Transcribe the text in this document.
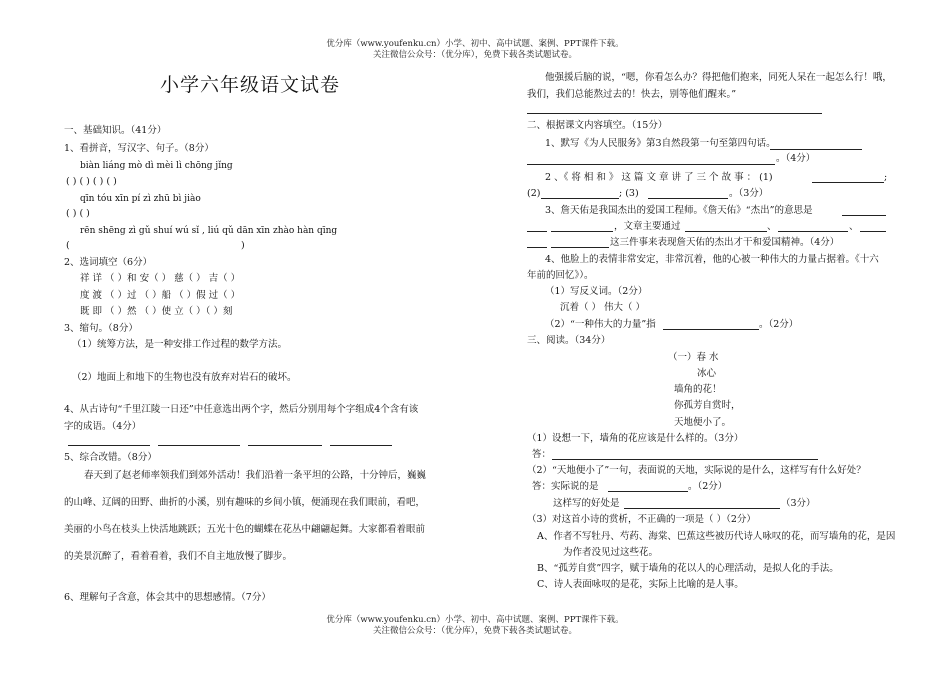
优分库（www.youfenku.cn）小学、初中、高中试题、案例、PPT课件下载。
关注微信公众号：（优分库），免费下载各类试题试卷。
小学六年级语文试卷
一、基础知识。（41分）
1、看拼音，写汉字、句子。（8分）
biàn liáng mò dì mèi lì chōng jǐng
( ) ( ) ( ) ( )
qīn tóu xīn pí zì zhū bì jiào
( ) ( )
rēn shēng zì gǔ shuí wú sǐ , liú qǔ dān xīn zhào hàn qīng
(	)
2、选词填空（6分）
祥 详 （ ）和 安（ ） 慈（ ） 吉（ ）
度 渡 （ ）过 （ ）船 （ ）假 过（ ）
既 即 （ ）然 （ ）使 立（ ）（ ）刻
3、缩句。（8分）
（1）统筹方法，是一种安排工作过程的数学方法。
（2）地面上和地下的生物也没有放弃对岩石的破坏。
4、从古诗句“千里江陵一日还”中任意选出两个字，然后分别用每个字组成4个含有该
字的成语。（4分）
5、综合改错。（8分）
春天到了赵老师率领我们到郊外活动！我们沿着一条平坦的公路，十分钟后，巍巍
的山峰、辽阔的田野、曲折的小溪，别有趣味的乡间小镇，便涌现在我们眼前，看吧，
美丽的小鸟在枝头上快活地跳跃；五光十色的蝴蝶在花丛中翩翩起舞。大家都看着眼前
的美景沉醉了，看着看着，我们不自主地放慢了脚步。
6、理解句子含意，体会其中的思想感情。（7分）
他强援后脑的说，“嗯，你看怎么办？得把他们抱来，同死人呆在一起怎么行！哦，
我们，我们总能熬过去的！快去，别等他们醒来。”
二、根据课文内容填空。（15分）
1、默写《为人民服务》第3自然段第一句至第四句话。
。（4分）
2 、《 将 相 和 》 这 篇 文 章 讲 了 三 个 故 事 ： (1)	;
(2)	; (3)	。（3分）
3、詹天佑是我国杰出的爱国工程师。《詹天佑》“杰出”的意思是
，文章主要通过	、	、
这三件事来表现詹天佑的杰出才干和爱国精神。（4分）
4、他脸上的表情非常安定，非常沉着，他的心被一种伟大的力量占据着。《十六
年前的回忆》）。
（1）写反义词。（2分）
沉着（ ） 伟大（ ）
（2）“一种伟大的力量”指	。（2分）
三、阅读。（34分）
（一）春 水
冰心
墙角的花！
你孤芳自赏时，
天地便小了。
（1）设想一下，墙角的花应该是什么样的。（3分）
答：
（2）“天地便小了”一句，表面说的天地，实际说的是什么，这样写有什么好处？
答：实际说的是	。（2分）
这样写的好处是	（3分）
（3）对这首小诗的赏析，不正确的一项是（ ）（2分）
A、作者不写牡丹、芍药、海棠、巴蕉这些被历代诗人咏叹的花，而写墙角的花，是因
为作者没见过这些花。
B、“孤芳自赏”四字，赋于墙角的花以人的心理活动，是拟人化的手法。
C、诗人表面咏叹的是花，实际上比喻的是人事。
优分库（www.youfenku.cn）小学、初中、高中试题、案例、PPT课件下载。
关注微信公众号：（优分库），免费下载各类试题试卷。
